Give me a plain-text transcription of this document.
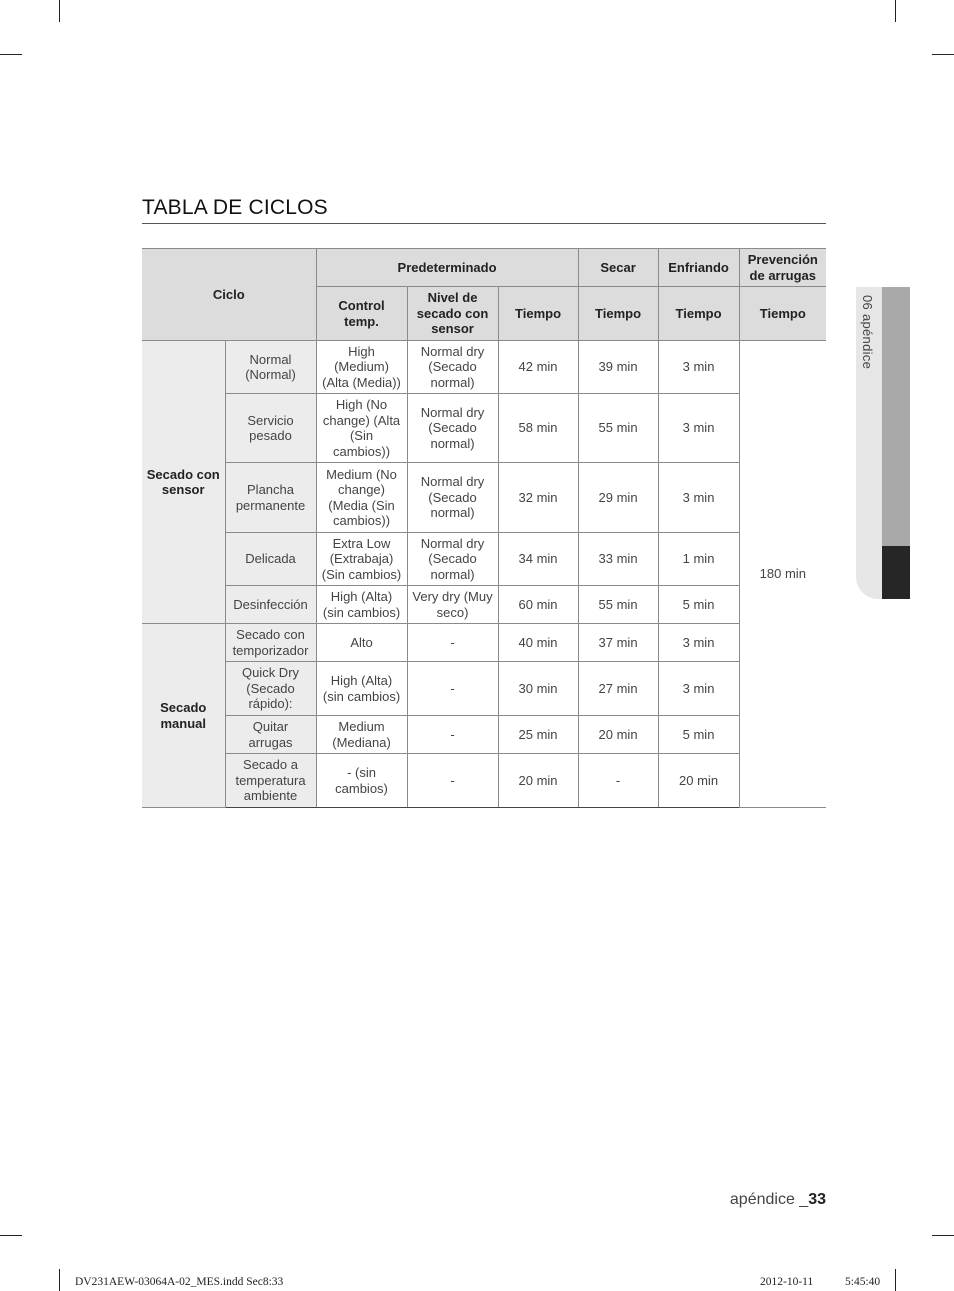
TABLA DE CICLOS
Ciclo		Predeterminado			Secar	Enfriando	Prevención de arrugas
		Control temp.	Nivel de secado con sensor	Tiempo	Tiempo	Tiempo	Tiempo
Secado con sensor	Normal (Normal)	High (Medium) (Alta (Media))	Normal dry (Secado normal)	42 min	39 min	3 min	180 min
	Servicio pesado	High (No change) (Alta (Sin cambios))	Normal dry (Secado normal)	58 min	55 min	3 min	
	Plancha permanente	Medium (No change) (Media (Sin cambios))	Normal dry (Secado normal)	32 min	29 min	3 min	
	Delicada	Extra Low (Extrabaja) (Sin cambios)	Normal dry (Secado normal)	34 min	33 min	1 min	
	Desinfección	High (Alta) (sin cambios)	Very dry (Muy seco)	60 min	55 min	5 min	
Secado manual	Secado con temporizador	Alto	-	40 min	37 min	3 min	
	Quick Dry (Secado rápido):	High (Alta) (sin cambios)	-	30 min	27 min	3 min	
	Quitar arrugas	Medium (Mediana)	-	25 min	20 min	5 min	
	Secado a temperatura ambiente	- (sin cambios)	-	20 min	-	20 min	
06 apéndice
apéndice _33
DV231AEW-03064A-02_MES.indd Sec8:33	2012-10-11	5:45:40
